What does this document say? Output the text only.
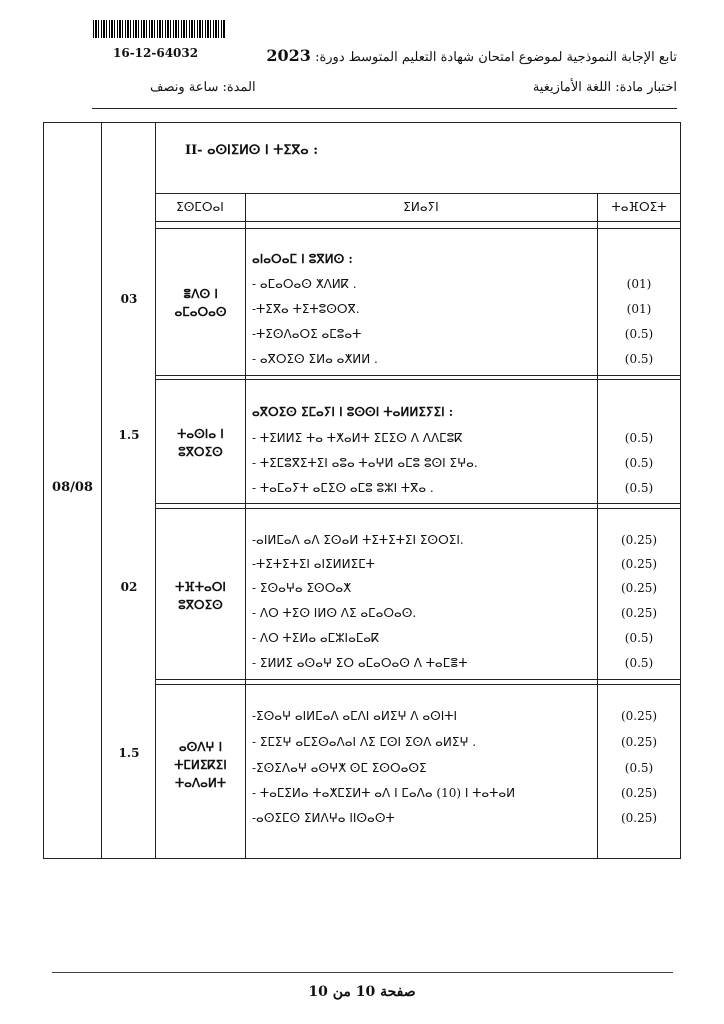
16-12-64032	تابع الإجابة النموذجية لموضوع امتحان شهادة التعليم المتوسط دورة: 2023
اختبار مادة: اللغة الأمازيغية
المدة: ساعة ونصف
08/08
II- ⴰⵙⵏⵉⵍⵙ ⵏ ⵜⵉⴳⴰ :
ⵉⵙⵎⵔⴰⵏ	ⵉⵍⴰⵢⵏ	ⵜⴰⴼⵔⵉⵜ
03	ⴻⴷⵙ ⵏ
ⴰⵎⴰⵔⴰⵙ
ⴰⵏⴰⵔⴰⵎ ⵏ ⵓⴳⵍⵙ :
- ⴰⵎⴰⵔⴰⵙ ⵅⴷⵍⴽ .	(01)
-ⵜⵉⴳⴰ ⵜⵉⵜⵓⵙⵔⴳ.	(01)
-ⵜⵉⵙⴷⴰⵔⵉ ⴰⵎⵓⴰⵜ	(0.5)
- ⴰⴳⵔⵉⵙ ⵉⵍⴰ ⴰⵅⵍⵍ .	(0.5)
1.5	ⵜⴰⵙⵏⴰ ⵏ
ⵓⴳⵔⵉⵙ
ⴰⴳⵔⵉⵙ ⵉⵎⴰⵢⵏ ⵏ ⵓⵙⵙⵏ ⵜⴰⵍⵍⵉⵢⵉⵏ :
- ⵜⵉⵍⵍⵉ ⵜⴰ ⵜⵅⴰⵍⵜ ⵉⵎⵉⵙ ⴷ ⴷⴷⵎⵓⴽ	(0.5)
- ⵜⵉⵎⵓⴳⵉⵜⵉⵏ ⴰⵓⴰ ⵜⴰⵖⵍ ⴰⵎⵓ ⵓⵙⵏ ⵉⵖⴰ.	(0.5)
- ⵜⴰⵎⴰⵢⵜ ⴰⵎⵉⵙ ⴰⵎⵓ ⵓⵣⵏ ⵜⴳⴰ .	(0.5)
02	ⵜⴼⵜⴰⵔⵏ
ⵓⴳⵔⵉⵙ
-ⴰⵏⵍⵎⴰⴷ ⴰⴷ ⵉⵙⴰⵍ ⵜⵉⵜⵉⵜⵉⵏ ⵉⵙⵔⵉⵏ.	(0.25)
-ⵜⵉⵜⵉⵜⵉⵏ ⴰⵏⵉⵍⵍⵉⵎⵜ	(0.25)
- ⵉⵙⴰⵖⴰ ⵉⵙⵔⴰⵅ	(0.25)
- ⴷⵔ ⵜⵉⵙ ⵏⵍⵙ ⴷⵉ ⴰⵎⴰⵔⴰⵙ.	(0.25)
- ⴷⵔ ⵜⵉⵍⴰ ⴰⵎⵣⵏⴰⵎⴰⴽ	(0.5)
- ⵉⵍⵍⵉ ⴰⵙⴰⵖ ⵉⵔ ⴰⵎⴰⵔⴰⵙ ⴷ ⵜⴰⵎⴻⵜ	(0.5)
1.5	ⴰⵙⴷⵖ ⵏ
ⵜⵎⵍⵉⴽⵉⵏ
ⵜⴰⴷⴰⵍⵜ
-ⵉⵙⴰⵖ ⴰⵏⵍⵎⴰⴷ ⴰⵎⴷⵏ ⴰⵍⵉⵖ ⴷ ⴰⵙⵏⵜⵏ	(0.25)
- ⵉⵎⵉⵖ ⴰⵎⵉⵙⴰⴷⴰⵏ ⴷⵉ ⵎⵙⵏ ⵉⵙⴷ ⴰⵍⵉⵖ .	(0.25)
-ⵉⵙⵉⴷⴰⵖ ⴰⵙⵖⵅ ⵙⵎ ⵉⵙⵔⴰⵙⵉ	(0.5)
- ⵜⴰⵎⵉⵍⴰ ⵜⴰⵅⵎⵉⵍⵜ ⴰⴷ ⵏ ⵎⴰⴷⴰ (10) ⵏ ⵜⴰⵜⴰⵍ	(0.25)
-ⴰⵙⵉⵎⵙ ⵉⵍⴷⵖⴰ ⵏⵏⵙⴰⵙⵜ	(0.25)
صفحة 10 من 10
